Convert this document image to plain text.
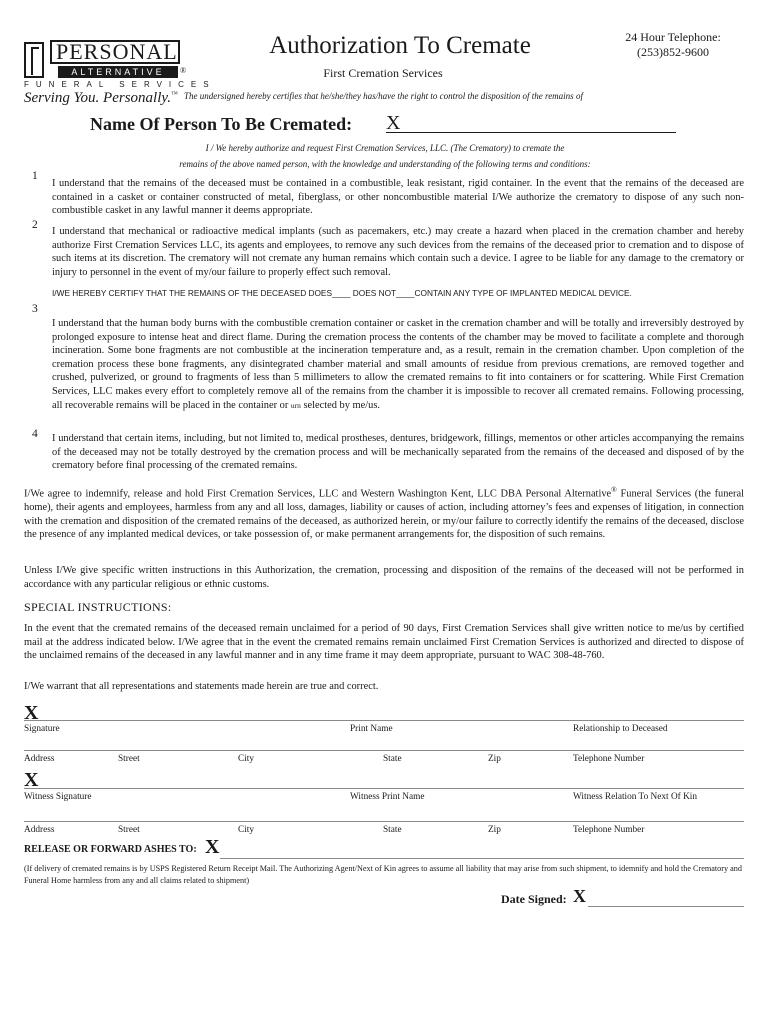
PERSONAL
ALTERNATIVE	®
FUNERAL SERVICES
Serving You. Personally.™
Authorization To Cremate
First Cremation Services
24 Hour Telephone:
(253)852-9600
The undersigned hereby certifies that he/she/they has/have the right to control the disposition of the remains of
Name Of Person To Be Cremated: X
I / We hereby authorize and request First Cremation Services, LLC. (The Crematory) to cremate the
remains of the above named person, with the knowledge and understanding of the following terms and conditions:
1
I understand that the remains of the deceased must be contained in a combustible, leak resistant, rigid container. In the event that the remains of the deceased are contained in a casket or container constructed of metal, fiberglass, or other noncombustible material I/We authorize the crematory to dispose of any such non-combustible casket in any lawful manner it deems appropriate.
2
I understand that mechanical or radioactive medical implants (such as pacemakers, etc.) may create a hazard when placed in the cremation chamber and hereby authorize First Cremation Services LLC, its agents and employees, to remove any such devices from the remains of the deceased prior to cremation and to dispose of such items at its discretion. The crematory will not cremate any human remains which contain such a device. I agree to be liable for any damage to the crematory or injury to personnel in the event of my/our failure to properly effect such removal.
I/WE HEREBY CERTIFY THAT THE REMAINS OF THE DECEASED DOES____ DOES NOT____CONTAIN ANY TYPE OF IMPLANTED MEDICAL DEVICE.
3
I understand that the human body burns with the combustible cremation container or casket in the cremation chamber and will be totally and irreversibly destroyed by prolonged exposure to intense heat and direct flame. During the cremation process the contents of the chamber may be moved to facilitate a complete and thorough incineration. Some bone fragments are not combustible at the incineration temperature and, as a result, remain in the cremation chamber. Upon completion of the cremation process these bone fragments, any disintegrated chamber material and small amounts of residue from previous cremations, are removed together and crushed, pulverized, or ground to fragments of less than 5 millimeters to allow the cremated remains to fit into containers or for scattering. While First Cremation Services, LLC makes every effort to completely remove all of the remains from the chamber it is impossible to recover all cremated remains. Following processing, all recoverable remains will be placed in the container or urn selected by me/us.
4 I understand that certain items, including, but not limited to, medical prostheses, dentures, bridgework, fillings, mementos or other articles accompanying the remains of the deceased may not be totally destroyed by the cremation process and will be mechanically separated from the remains of the deceased and disposed of by the crematory before final processing of the cremated remains.
I/We agree to indemnify, release and hold First Cremation Services, LLC and Western Washington Kent, LLC DBA Personal Alternative® Funeral Services (the funeral home), their agents and employees, harmless from any and all loss, damages, liability or causes of action, including attorney’s fees and expenses of litigation, in connection with the cremation and disposition of the cremated remains of the deceased, as authorized herein, or my/our failure to correctly identify the remains of the deceased, disclose the presence of any implanted medical devices, or take possession of, or make permanent arrangements for, the disposition of such remains.
Unless I/We give specific written instructions in this Authorization, the cremation, processing and disposition of the remains of the deceased will not be performed in accordance with any particular religious or ethnic customs.
SPECIAL INSTRUCTIONS:
In the event that the cremated remains of the deceased remain unclaimed for a period of 90 days, First Cremation Services shall give written notice to me/us by certified mail at the address indicated below. I/We agree that in the event the cremated remains remain unclaimed First Cremation Services is authorized and directed to dispose of the unclaimed remains of the deceased in any lawful manner and in any time frame it may deem appropriate, pursuant to WAC 308-48-760.
I/We warrant that all representations and statements made herein are true and correct.
X
Signature	Print Name	Relationship to Deceased
Address	Street	City	State	Zip	Telephone Number
X
Witness Signature	Witness Print Name	Witness Relation To Next Of Kin
Address	Street	City	State	Zip	Telephone Number
RELEASE OR FORWARD ASHES TO: X
(If delivery of cremated remains is by USPS Registered Return Receipt Mail. The Authorizing Agent/Next of Kin agrees to assume all liability that may arise from such shipment, to idemnify and hold the Crematory and Funeral Home harmless from any and all claims related to shipment)
Date Signed: X
